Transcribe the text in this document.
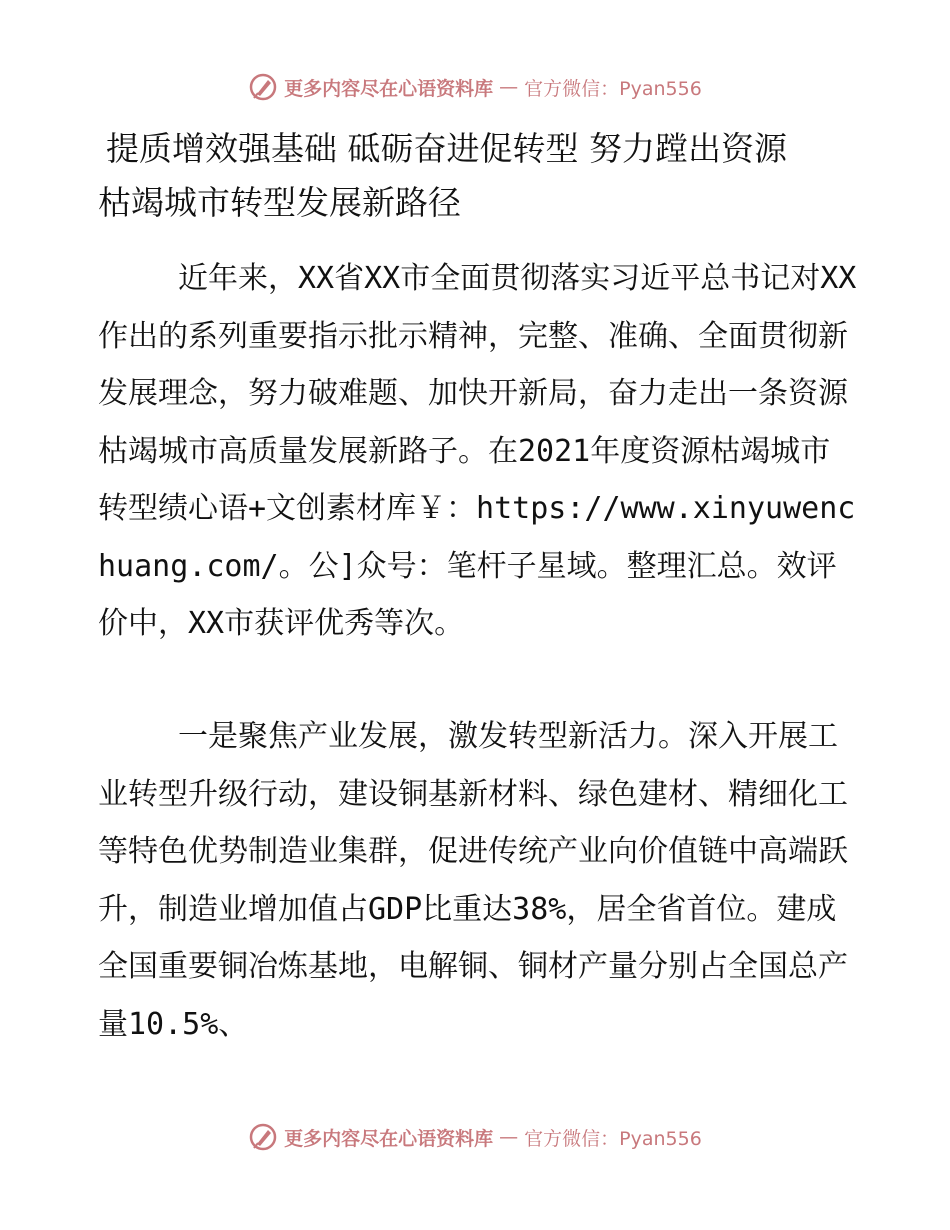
更多内容尽在心语资料库 — 官方微信：Pyan556
提质增效强基础 砥砺奋进促转型 努力蹚出资源
枯竭城市转型发展新路径

近年来，XX省XX市全面贯彻落实习近平总书记对XX作出的系列重要指示批示精神，完整、准确、全面贯彻新发展理念，努力破难题、加快开新局，奋力走出一条资源枯竭城市高质量发展新路子。在2021年度资源枯竭城市转型绩心语+文创素材库￥：https://www.xinyuwenchuang.com/。公]众号：笔杆子星域。整理汇总。效评价中，XX市获评优秀等次。

一是聚焦产业发展，激发转型新活力。深入开展工业转型升级行动，建设铜基新材料、绿色建材、精细化工等特色优势制造业集群，促进传统产业向价值链中高端跃升，制造业增加值占GDP比重达38%，居全省首位。建成全国重要铜冶炼基地，电解铜、铜材产量分别占全国总产量10.5%、

更多内容尽在心语资料库 — 官方微信：Pyan556
